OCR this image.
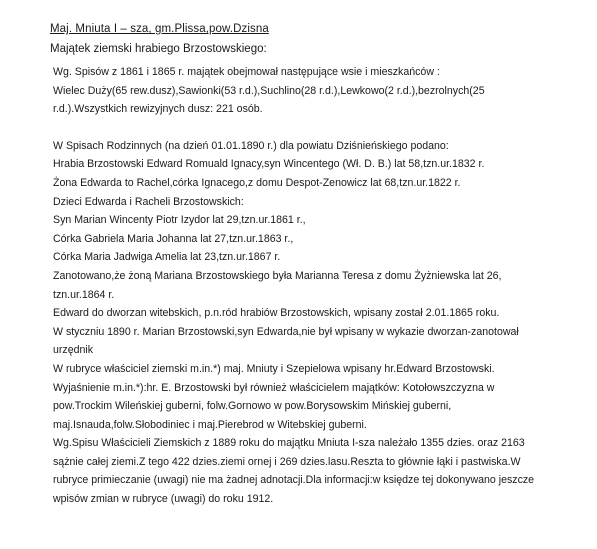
Maj. Mniuta I – sza, gm.Plissa,pow.Dzisna
Majątek ziemski hrabiego Brzostowskiego:
Wg. Spisów z 1861 i 1865 r. majątek obejmował następujące wsie i mieszkańców :
Wielec Duży(65 rew.dusz),Sawionki(53 r.d.),Suchlino(28 r.d.),Lewkowo(2 r.d.),bezrolnych(25
r.d.).Wszystkich rewizyjnych dusz: 221 osób.
W Spisach Rodzinnych (na dzień 01.01.1890 r.) dla powiatu Dziśnieńskiego podano:
Hrabia Brzostowski Edward Romuald Ignacy,syn Wincentego (Wł. D. B.) lat 58,tzn.ur.1832 r.
Żona Edwarda to Rachel,córka Ignacego,z domu Despot-Zenowicz lat 68,tzn.ur.1822 r.
Dzieci Edwarda i Racheli Brzostowskich:
Syn Marian Wincenty Piotr Izydor lat 29,tzn.ur.1861 r.,
Córka Gabriela Maria Johanna lat 27,tzn.ur.1863 r.,
Córka Maria Jadwiga Amelia lat 23,tzn.ur.1867 r.
Zanotowano,że żoną Mariana Brzostowskiego była Marianna Teresa z domu Żyżniewska lat 26,
tzn.ur.1864 r.
Edward do dworzan witebskich, p.n.ród hrabiów Brzostowskich, wpisany został 2.01.1865 roku.
W styczniu 1890 r. Marian Brzostowski,syn Edwarda,nie był wpisany w wykazie dworzan-zanotował
urzędnik
W rubryce właściciel ziemski m.in.*) maj. Mniuty i Szepielowa wpisany hr.Edward Brzostowski.
Wyjaśnienie m.in.*):hr. E. Brzostowski był również właścicielem majątków: Kotołowszczyzna w
pow.Trockim Wileńskiej guberni, folw.Gornowo w pow.Borysowskim Mińskiej guberni,
maj.Isnauda,folw.Słobodiniec i maj.Pierebrod w Witebskiej guberni.
Wg.Spisu Właścicieli Ziemskich z 1889 roku do majątku Mniuta I-sza należało 1355 dzies. oraz 2163
sążnie całej ziemi.Z tego 422 dzies.ziemi ornej i 269 dzies.lasu.Reszta to głównie łąki i pastwiska.W
rubryce primieczanie (uwagi) nie ma żadnej adnotacji.Dla informacji:w księdze tej dokonywano jeszcze
wpisów zmian w rubryce (uwagi) do roku 1912.
